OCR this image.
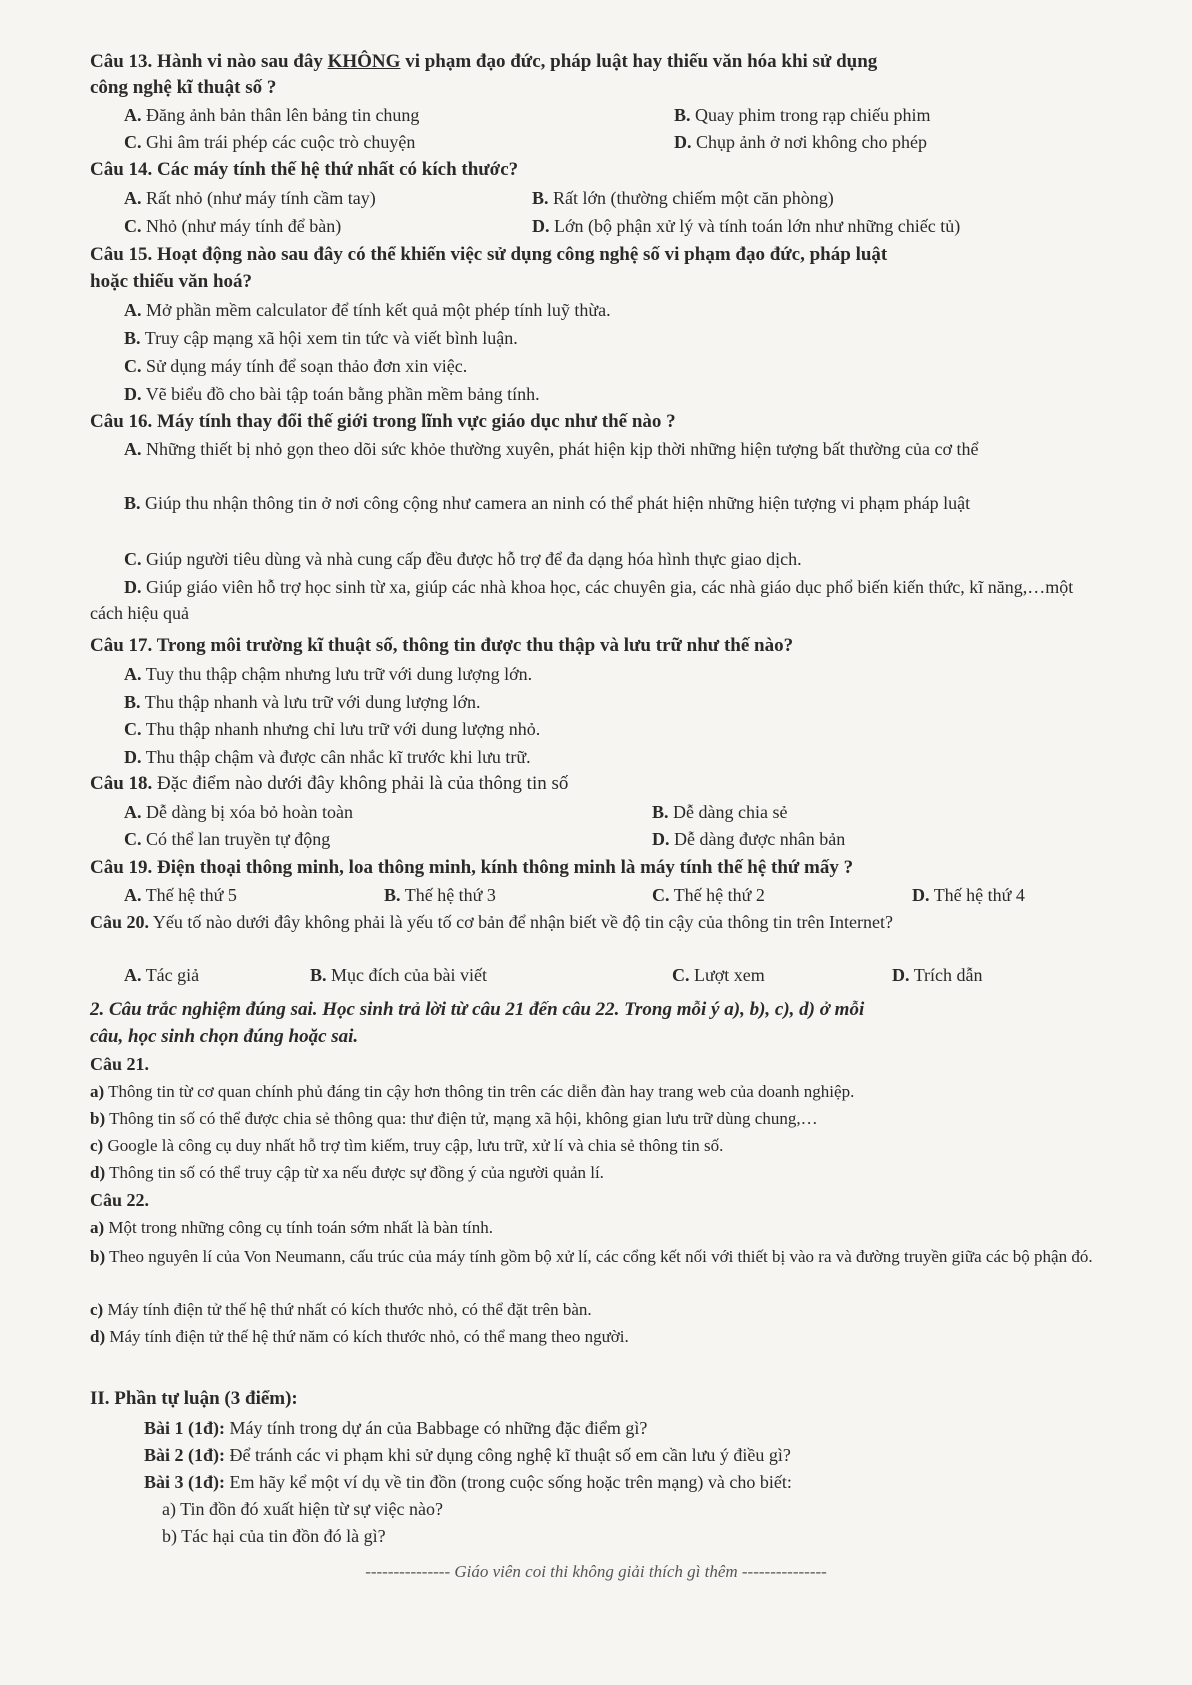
Câu 13. Hành vi nào sau đây KHÔNG vi phạm đạo đức, pháp luật hay thiếu văn hóa khi sử dụng
công nghệ kĩ thuật số ?
A. Đăng ảnh bản thân lên bảng tin chung	B. Quay phim trong rạp chiếu phim
C. Ghi âm trái phép các cuộc trò chuyện	D. Chụp ảnh ở nơi không cho phép
Câu 14. Các máy tính thế hệ thứ nhất có kích thước?
A. Rất nhỏ (như máy tính cầm tay)	B. Rất lớn (thường chiếm một căn phòng)
C. Nhỏ (như máy tính để bàn)	D. Lớn (bộ phận xử lý và tính toán lớn như những chiếc tủ)
Câu 15. Hoạt động nào sau đây có thể khiến việc sử dụng công nghệ số vi phạm đạo đức, pháp luật
hoặc thiếu văn hoá?
A. Mở phần mềm calculator để tính kết quả một phép tính luỹ thừa.
B. Truy cập mạng xã hội xem tin tức và viết bình luận.
C. Sử dụng máy tính để soạn thảo đơn xin việc.
D. Vẽ biểu đồ cho bài tập toán bằng phần mềm bảng tính.
Câu 16. Máy tính thay đổi thế giới trong lĩnh vực giáo dục như thế nào ?
A. Những thiết bị nhỏ gọn theo dõi sức khỏe thường xuyên, phát hiện kịp thời những hiện tượng bất thường của cơ thể
B. Giúp thu nhận thông tin ở nơi công cộng như camera an ninh có thể phát hiện những hiện tượng vi phạm pháp luật
C. Giúp người tiêu dùng và nhà cung cấp đều được hỗ trợ để đa dạng hóa hình thực giao dịch.
D. Giúp giáo viên hỗ trợ học sinh từ xa, giúp các nhà khoa học, các chuyên gia, các nhà giáo dục phổ biến kiến thức, kĩ năng,…một cách hiệu quả
Câu 17. Trong môi trường kĩ thuật số, thông tin được thu thập và lưu trữ như thế nào?
A. Tuy thu thập chậm nhưng lưu trữ với dung lượng lớn.
B. Thu thập nhanh và lưu trữ với dung lượng lớn.
C. Thu thập nhanh nhưng chỉ lưu trữ với dung lượng nhỏ.
D. Thu thập chậm và được cân nhắc kĩ trước khi lưu trữ.
Câu 18. Đặc điểm nào dưới đây không phải là của thông tin số
A. Dễ dàng bị xóa bỏ hoàn toàn	B. Dễ dàng chia sẻ
C. Có thể lan truyền tự động	D. Dễ dàng được nhân bản
Câu 19. Điện thoại thông minh, loa thông minh, kính thông minh là máy tính thế hệ thứ mấy ?
A. Thế hệ thứ 5	B. Thế hệ thứ 3	C. Thế hệ thứ 2	D. Thế hệ thứ 4
Câu 20. Yếu tố nào dưới đây không phải là yếu tố cơ bản để nhận biết về độ tin cậy của thông tin trên Internet?
A. Tác giả	B. Mục đích của bài viết	C. Lượt xem	D. Trích dẫn
2. Câu trắc nghiệm đúng sai. Học sinh trả lời từ câu 21 đến câu 22. Trong mỗi ý a), b), c), d) ở mỗi
câu, học sinh chọn đúng hoặc sai.
Câu 21.
a) Thông tin từ cơ quan chính phủ đáng tin cậy hơn thông tin trên các diễn đàn hay trang web của doanh nghiệp.
b) Thông tin số có thể được chia sẻ thông qua: thư điện tử, mạng xã hội, không gian lưu trữ dùng chung,…
c) Google là công cụ duy nhất hỗ trợ tìm kiếm, truy cập, lưu trữ, xử lí và chia sẻ thông tin số.
d) Thông tin số có thể truy cập từ xa nếu được sự đồng ý của người quản lí.
Câu 22.
a) Một trong những công cụ tính toán sớm nhất là bàn tính.
b) Theo nguyên lí của Von Neumann, cấu trúc của máy tính gồm bộ xử lí, các cổng kết nối với thiết bị vào ra và đường truyền giữa các bộ phận đó.
c) Máy tính điện tử thế hệ thứ nhất có kích thước nhỏ, có thể đặt trên bàn.
d) Máy tính điện tử thế hệ thứ năm có kích thước nhỏ, có thể mang theo người.
II. Phần tự luận (3 điểm):
Bài 1 (1đ): Máy tính trong dự án của Babbage có những đặc điểm gì?
Bài 2 (1đ): Để tránh các vi phạm khi sử dụng công nghệ kĩ thuật số em cần lưu ý điều gì?
Bài 3 (1đ): Em hãy kể một ví dụ về tin đồn (trong cuộc sống hoặc trên mạng) và cho biết:
a) Tin đồn đó xuất hiện từ sự việc nào?
b) Tác hại của tin đồn đó là gì?
--------------- Giáo viên coi thi không giải thích gì thêm ---------------
